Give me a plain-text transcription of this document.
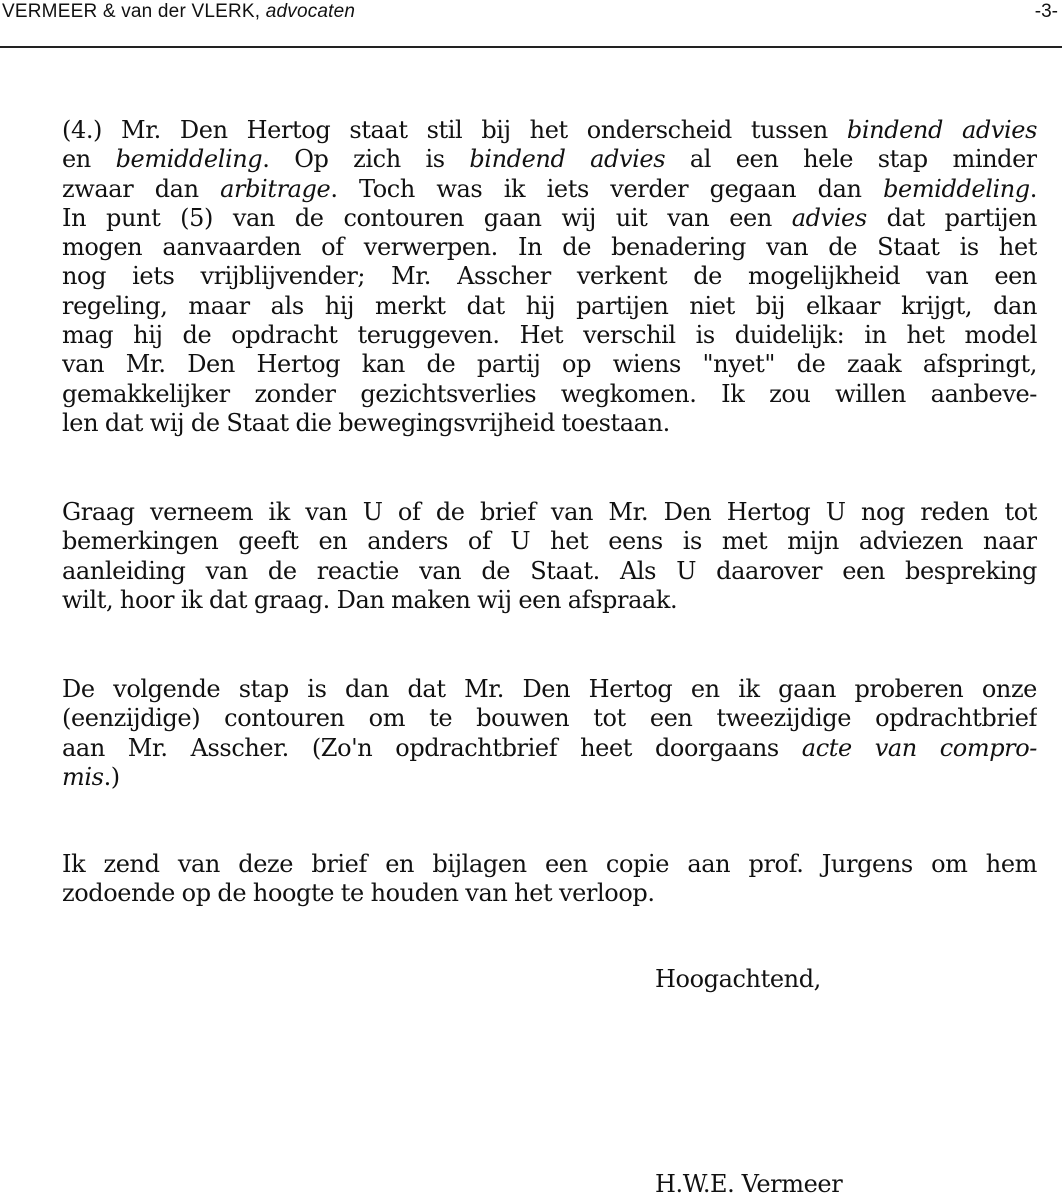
VERMEER & van der VLERK, advocaten	-3-
(4.) Mr. Den Hertog staat stil bij het onderscheid tussen bindend advies
en bemiddeling. Op zich is bindend advies al een hele stap minder
zwaar dan arbitrage. Toch was ik iets verder gegaan dan bemiddeling.
In punt (5) van de contouren gaan wij uit van een advies dat partijen
mogen aanvaarden of verwerpen. In de benadering van de Staat is het
nog iets vrijblijvender; Mr. Asscher verkent de mogelijkheid van een
regeling, maar als hij merkt dat hij partijen niet bij elkaar krijgt, dan
mag hij de opdracht teruggeven. Het verschil is duidelijk: in het model
van Mr. Den Hertog kan de partij op wiens "nyet" de zaak afspringt,
gemakkelijker zonder gezichtsverlies wegkomen. Ik zou willen aanbeve-
len dat wij de Staat die bewegingsvrijheid toestaan.
Graag verneem ik van U of de brief van Mr. Den Hertog U nog reden tot
bemerkingen geeft en anders of U het eens is met mijn adviezen naar
aanleiding van de reactie van de Staat. Als U daarover een bespreking
wilt, hoor ik dat graag. Dan maken wij een afspraak.
De volgende stap is dan dat Mr. Den Hertog en ik gaan proberen onze
(eenzijdige) contouren om te bouwen tot een tweezijdige opdrachtbrief
aan Mr. Asscher. (Zo'n opdrachtbrief heet doorgaans acte van compro-
mis.)
Ik zend van deze brief en bijlagen een copie aan prof. Jurgens om hem
zodoende op de hoogte te houden van het verloop.
Hoogachtend,
H.W.E. Vermeer
